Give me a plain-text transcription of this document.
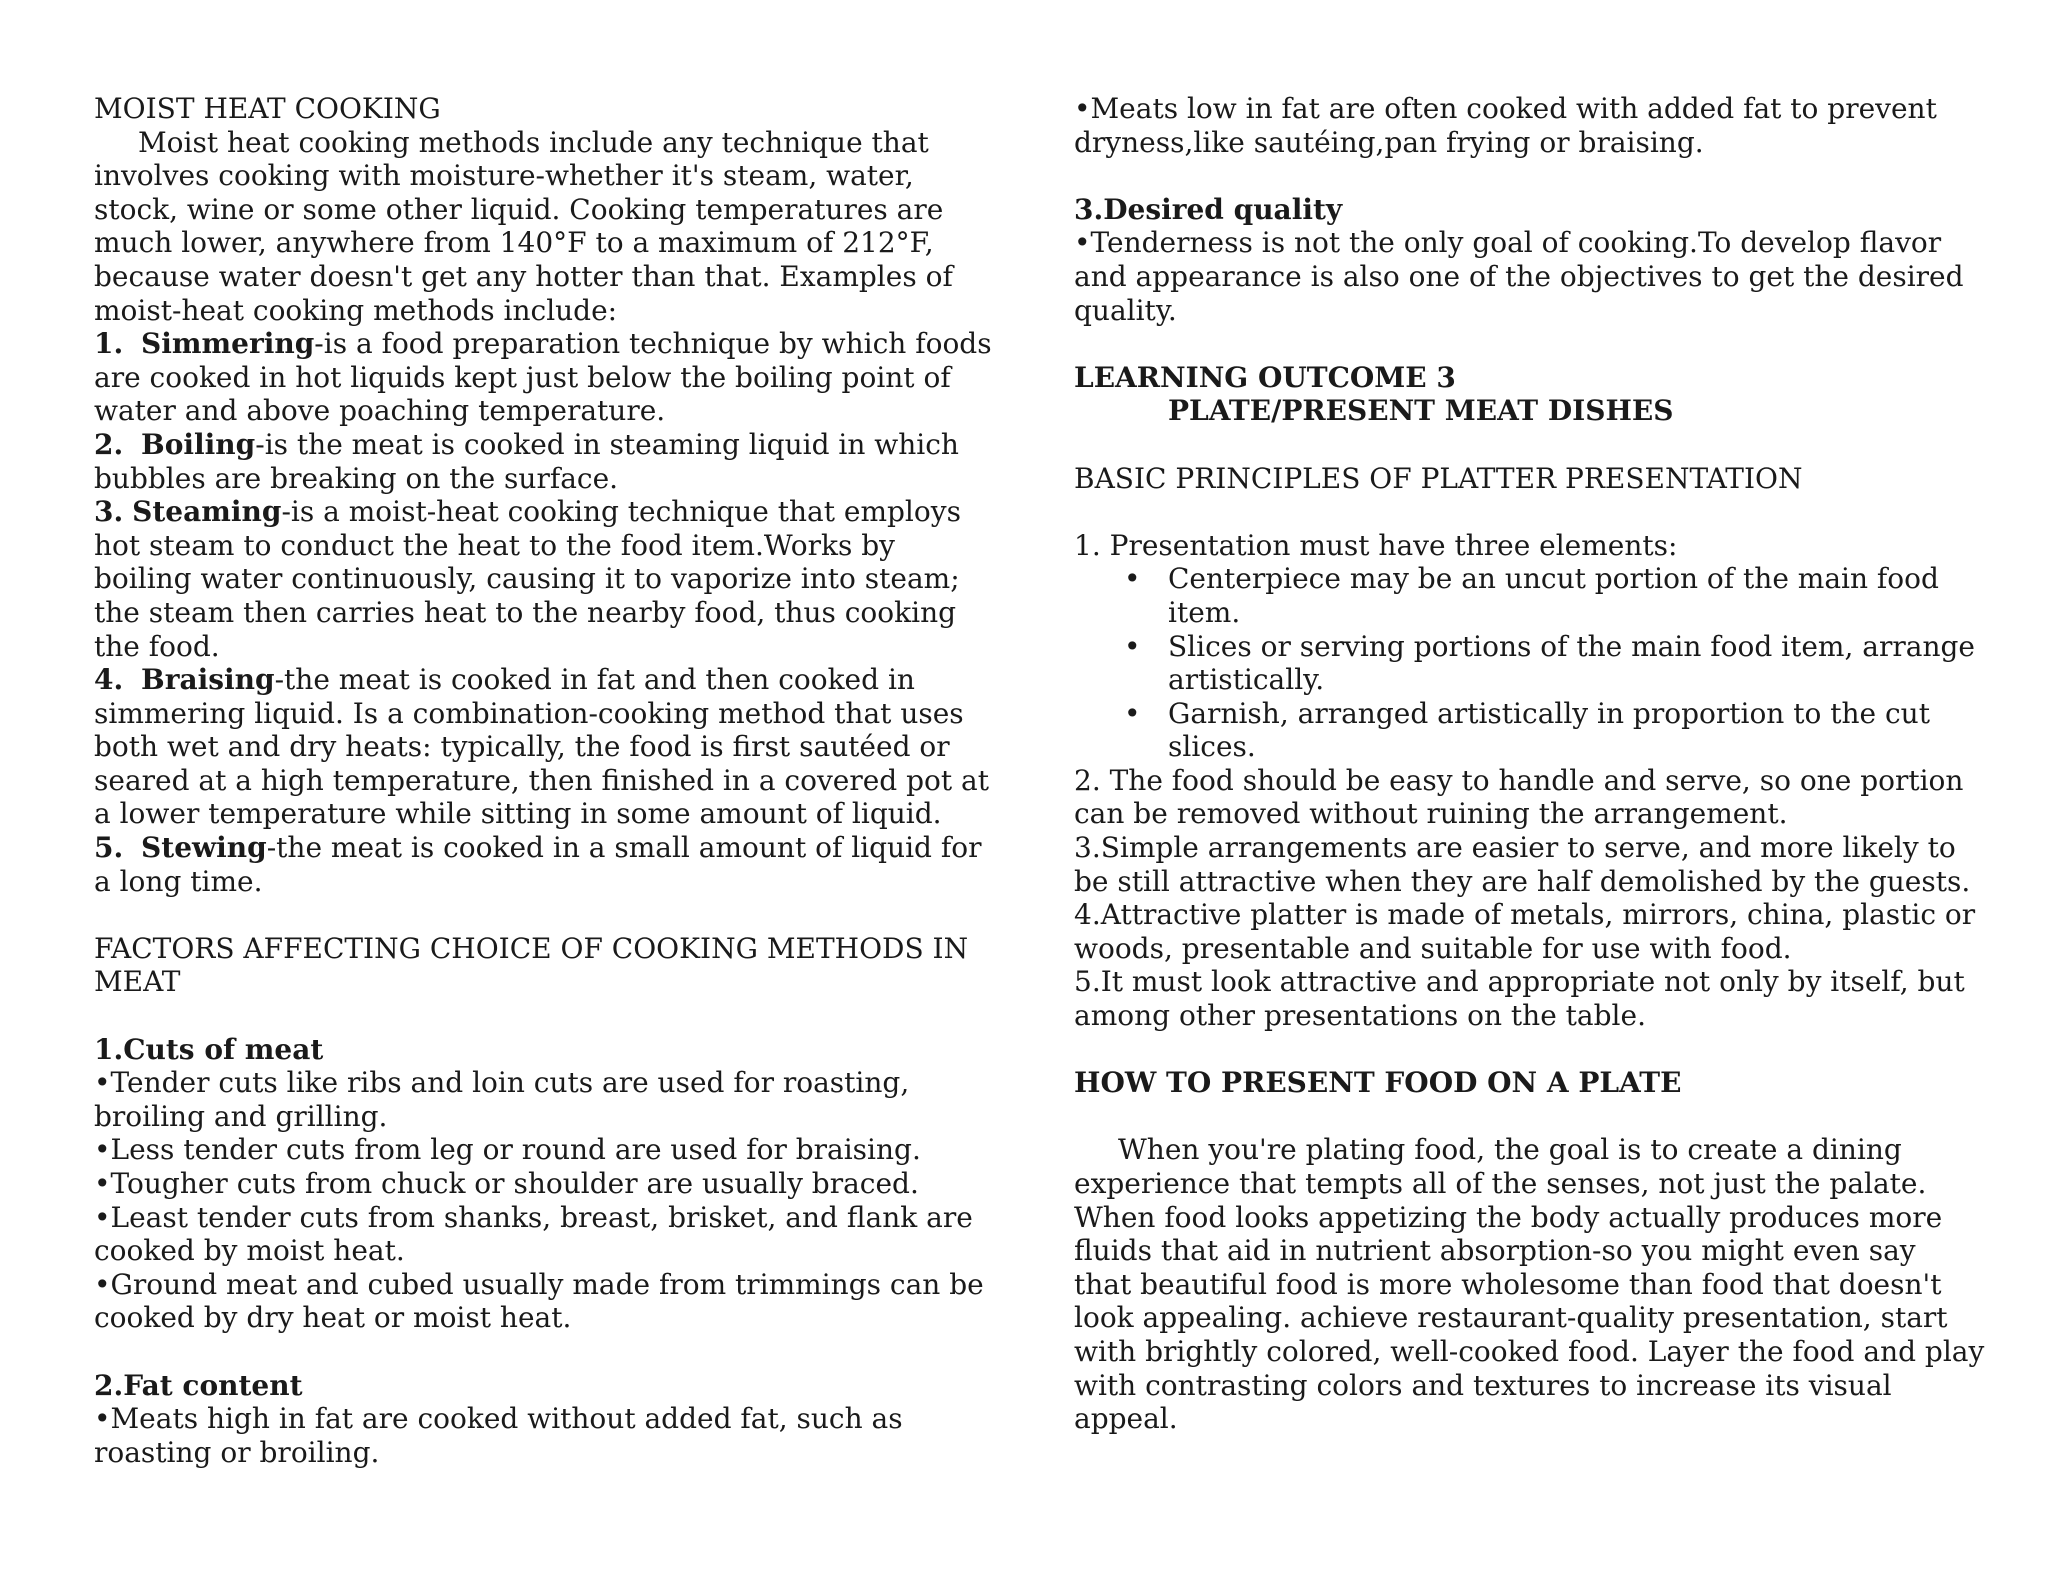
MOIST HEAT COOKING
Moist heat cooking methods include any technique that
involves cooking with moisture-whether it's steam, water,
stock, wine or some other liquid. Cooking temperatures are
much lower, anywhere from 140°F to a maximum of 212°F,
because water doesn't get any hotter than that. Examples of
moist-heat cooking methods include:
1. Simmering-is a food preparation technique by which foods
are cooked in hot liquids kept just below the boiling point of
water and above poaching temperature.
2. Boiling-is the meat is cooked in steaming liquid in which
bubbles are breaking on the surface.
3. Steaming-is a moist-heat cooking technique that employs
hot steam to conduct the heat to the food item.Works by
boiling water continuously, causing it to vaporize into steam;
the steam then carries heat to the nearby food, thus cooking
the food.
4. Braising-the meat is cooked in fat and then cooked in
simmering liquid. Is a combination-cooking method that uses
both wet and dry heats: typically, the food is first sautéed or
seared at a high temperature, then finished in a covered pot at
a lower temperature while sitting in some amount of liquid.
5. Stewing-the meat is cooked in a small amount of liquid for
a long time.
FACTORS AFFECTING CHOICE OF COOKING METHODS IN
MEAT
1.Cuts of meat
•Tender cuts like ribs and loin cuts are used for roasting,
broiling and grilling.
•Less tender cuts from leg or round are used for braising.
•Tougher cuts from chuck or shoulder are usually braced.
•Least tender cuts from shanks, breast, brisket, and flank are
cooked by moist heat.
•Ground meat and cubed usually made from trimmings can be
cooked by dry heat or moist heat.
2.Fat content
•Meats high in fat are cooked without added fat, such as
roasting or broiling.
•Meats low in fat are often cooked with added fat to prevent
dryness,like sautéing,pan frying or braising.
3.Desired quality
•Tenderness is not the only goal of cooking.To develop flavor
and appearance is also one of the objectives to get the desired
quality.
LEARNING OUTCOME 3
PLATE/PRESENT MEAT DISHES
BASIC PRINCIPLES OF PLATTER PRESENTATION
1. Presentation must have three elements:
• Centerpiece may be an uncut portion of the main food
item.
• Slices or serving portions of the main food item, arrange
artistically.
• Garnish, arranged artistically in proportion to the cut
slices.
2. The food should be easy to handle and serve, so one portion
can be removed without ruining the arrangement.
3.Simple arrangements are easier to serve, and more likely to
be still attractive when they are half demolished by the guests.
4.Attractive platter is made of metals, mirrors, china, plastic or
woods, presentable and suitable for use with food.
5.It must look attractive and appropriate not only by itself, but
among other presentations on the table.
HOW TO PRESENT FOOD ON A PLATE
When you're plating food, the goal is to create a dining
experience that tempts all of the senses, not just the palate.
When food looks appetizing the body actually produces more
fluids that aid in nutrient absorption-so you might even say
that beautiful food is more wholesome than food that doesn't
look appealing. achieve restaurant-quality presentation, start
with brightly colored, well-cooked food. Layer the food and play
with contrasting colors and textures to increase its visual
appeal.
